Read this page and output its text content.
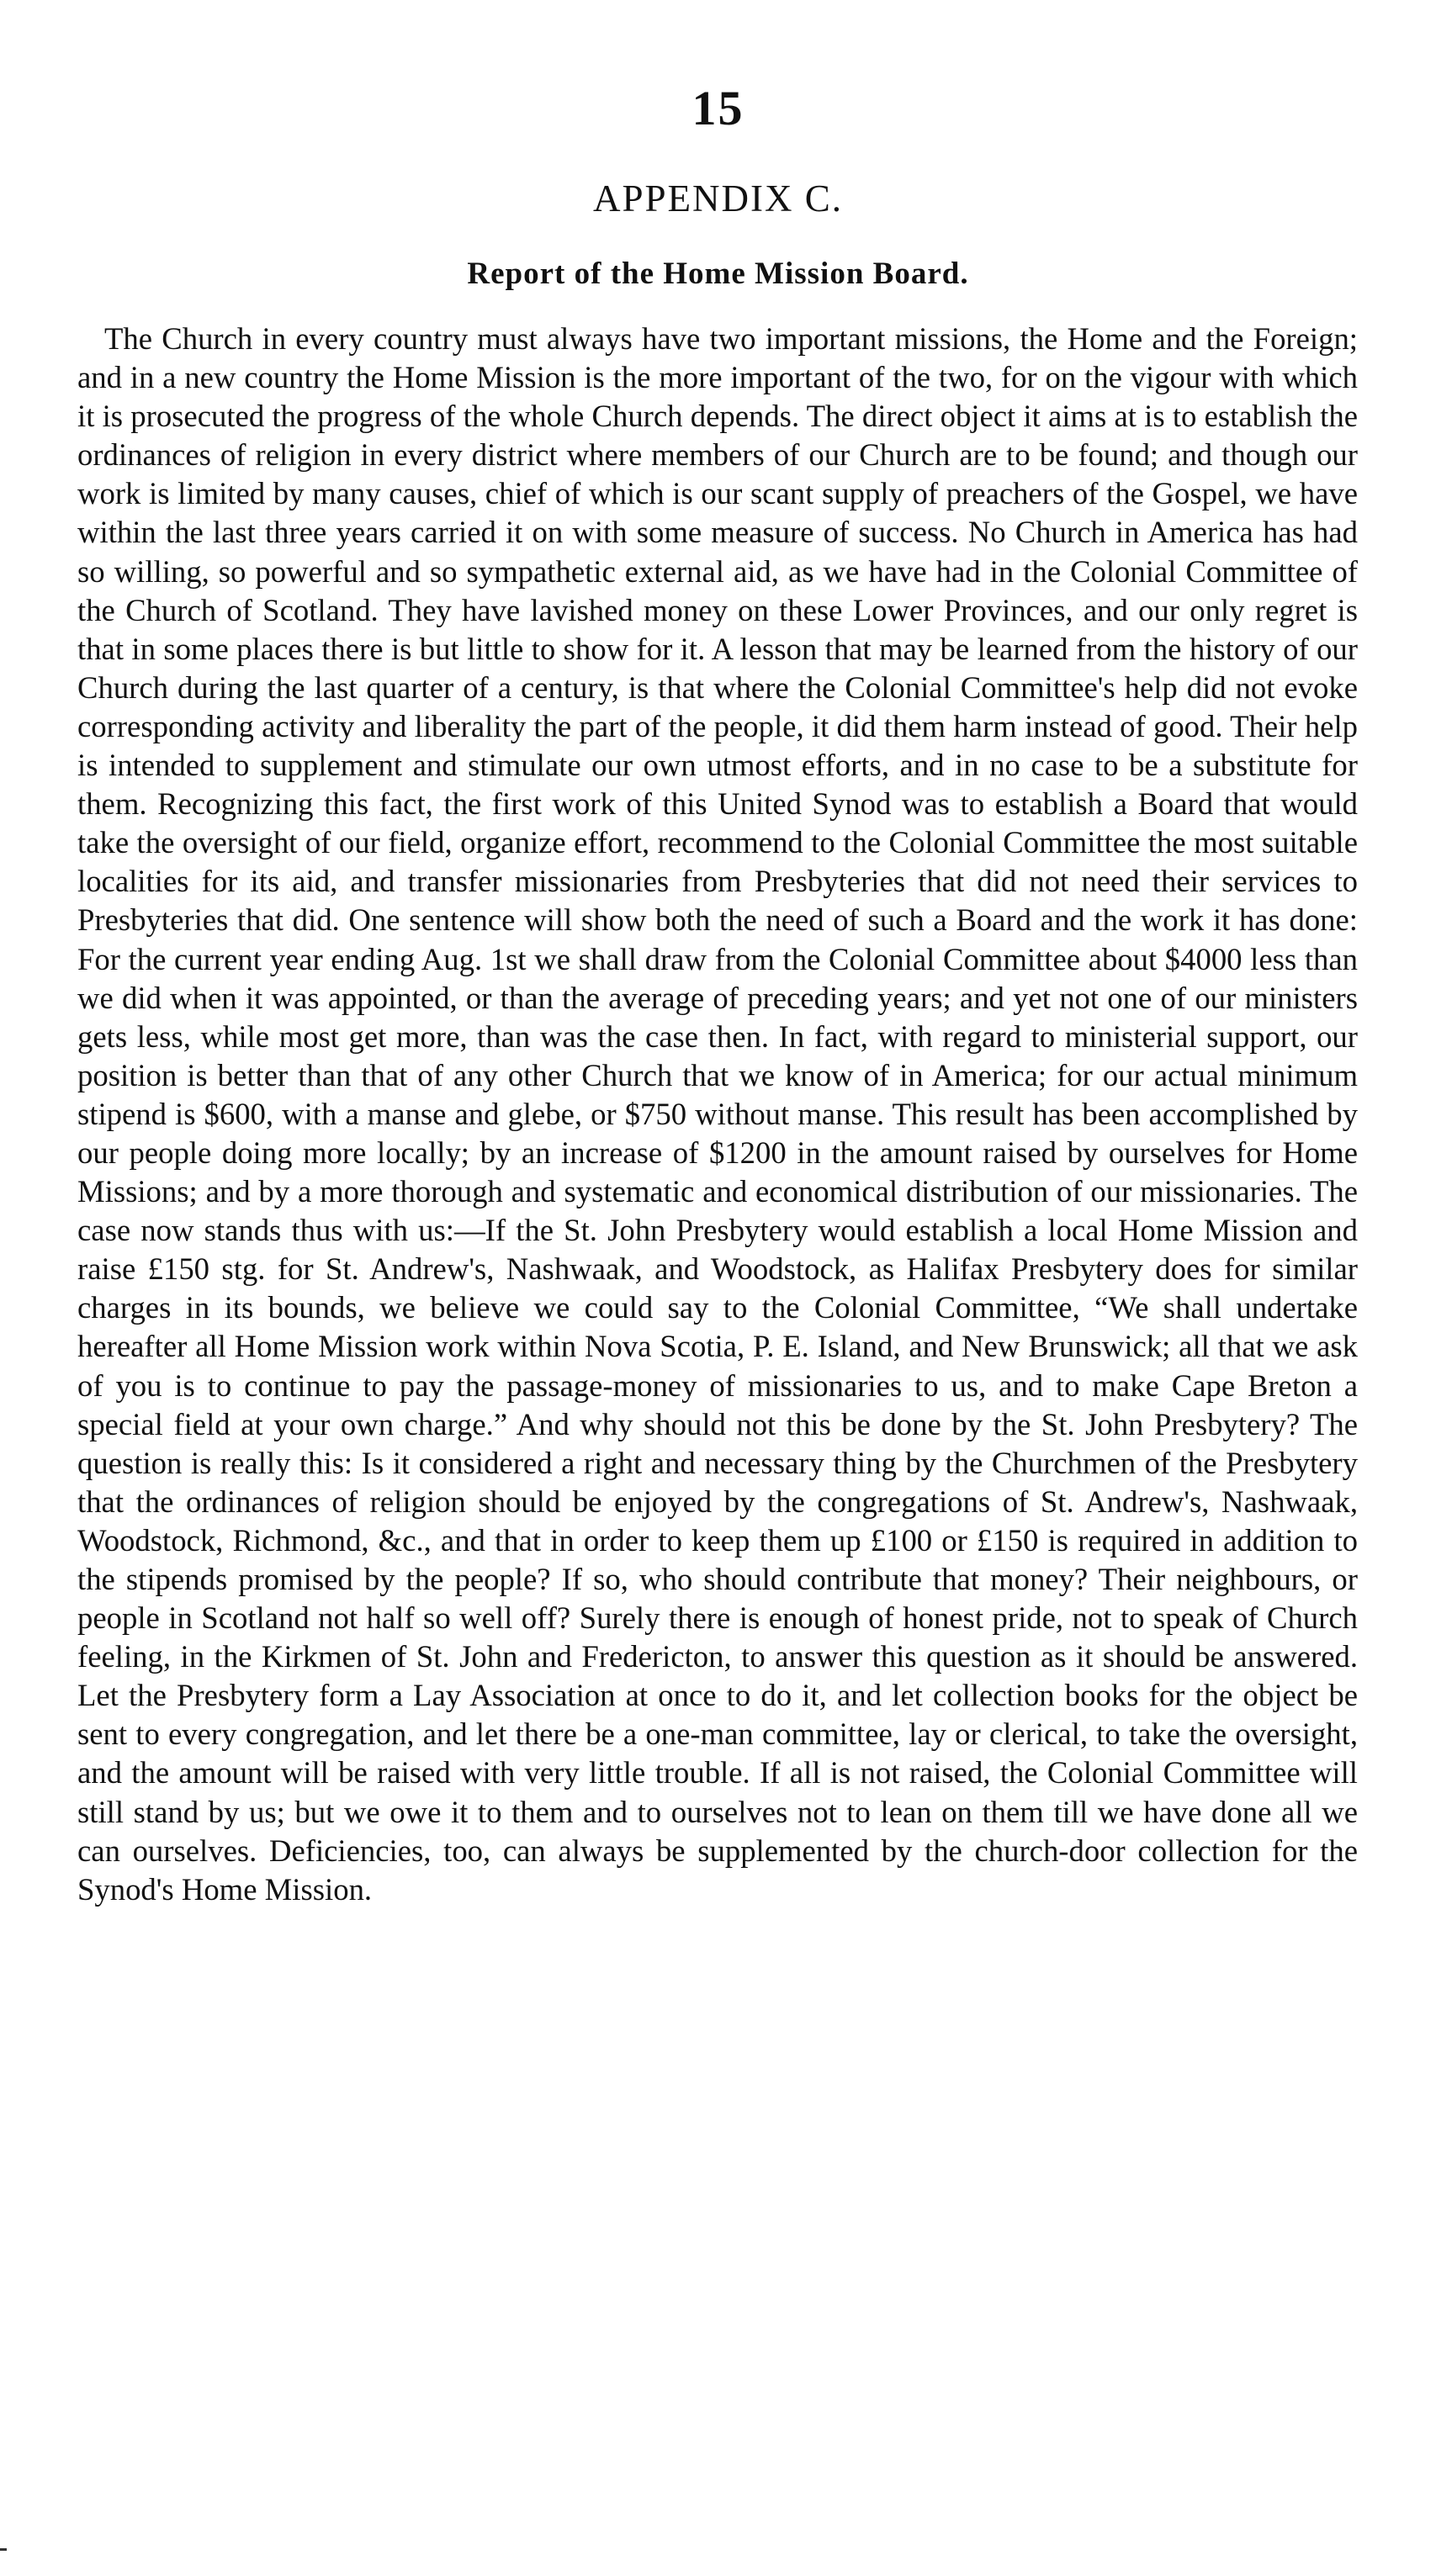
15
APPENDIX C.
Report of the Home Mission Board.

The Church in every country must always have two important missions, the Home and the Foreign; and in a new country the Home Mission is the more important of the two, for on the vigour with which it is prosecuted the progress of the whole Church depends. The direct object it aims at is to establish the ordinances of religion in every district where members of our Church are to be found; and though our work is limited by many causes, chief of which is our scant supply of preachers of the Gospel, we have within the last three years carried it on with some measure of success. No Church in America has had so willing, so powerful and so sympathetic external aid, as we have had in the Colonial Committee of the Church of Scotland. They have lavished money on these Lower Provinces, and our only regret is that in some places there is but little to show for it. A lesson that may be learned from the history of our Church during the last quarter of a century, is that where the Colonial Committee's help did not evoke corresponding activity and liberality the part of the people, it did them harm instead of good. Their help is intended to supplement and stimulate our own utmost efforts, and in no case to be a substitute for them. Recognizing this fact, the first work of this United Synod was to establish a Board that would take the oversight of our field, organize effort, recommend to the Colonial Committee the most suitable localities for its aid, and transfer missionaries from Presbyteries that did not need their services to Presbyteries that did. One sentence will show both the need of such a Board and the work it has done: For the current year ending Aug. 1st we shall draw from the Colonial Committee about $4000 less than we did when it was appointed, or than the average of preceding years; and yet not one of our ministers gets less, while most get more, than was the case then. In fact, with regard to ministerial support, our position is better than that of any other Church that we know of in America; for our actual minimum stipend is $600, with a manse and glebe, or $750 without manse. This result has been accomplished by our people doing more locally; by an increase of $1200 in the amount raised by ourselves for Home Missions; and by a more thorough and systematic and economical distribution of our missionaries. The case now stands thus with us:—If the St. John Presbytery would establish a local Home Mission and raise £150 stg. for St. Andrew's, Nashwaak, and Woodstock, as Halifax Presbytery does for similar charges in its bounds, we believe we could say to the Colonial Committee, “We shall undertake hereafter all Home Mission work within Nova Scotia, P. E. Island, and New Brunswick; all that we ask of you is to continue to pay the passage-money of missionaries to us, and to make Cape Breton a special field at your own charge.” And why should not this be done by the St. John Presbytery? The question is really this: Is it considered a right and necessary thing by the Churchmen of the Presbytery that the ordinances of religion should be enjoyed by the congregations of St. Andrew's, Nashwaak, Woodstock, Richmond, &c., and that in order to keep them up £100 or £150 is required in addition to the stipends promised by the people? If so, who should contribute that money? Their neighbours, or people in Scotland not half so well off? Surely there is enough of honest pride, not to speak of Church feeling, in the Kirkmen of St. John and Fredericton, to answer this question as it should be answered. Let the Presbytery form a Lay Association at once to do it, and let collection books for the object be sent to every congregation, and let there be a one-man committee, lay or clerical, to take the oversight, and the amount will be raised with very little trouble. If all is not raised, the Colonial Committee will still stand by us; but we owe it to them and to ourselves not to lean on them till we have done all we can ourselves. Deficiencies, too, can always be supplemented by the church-door collection for the Synod's Home Mission.
